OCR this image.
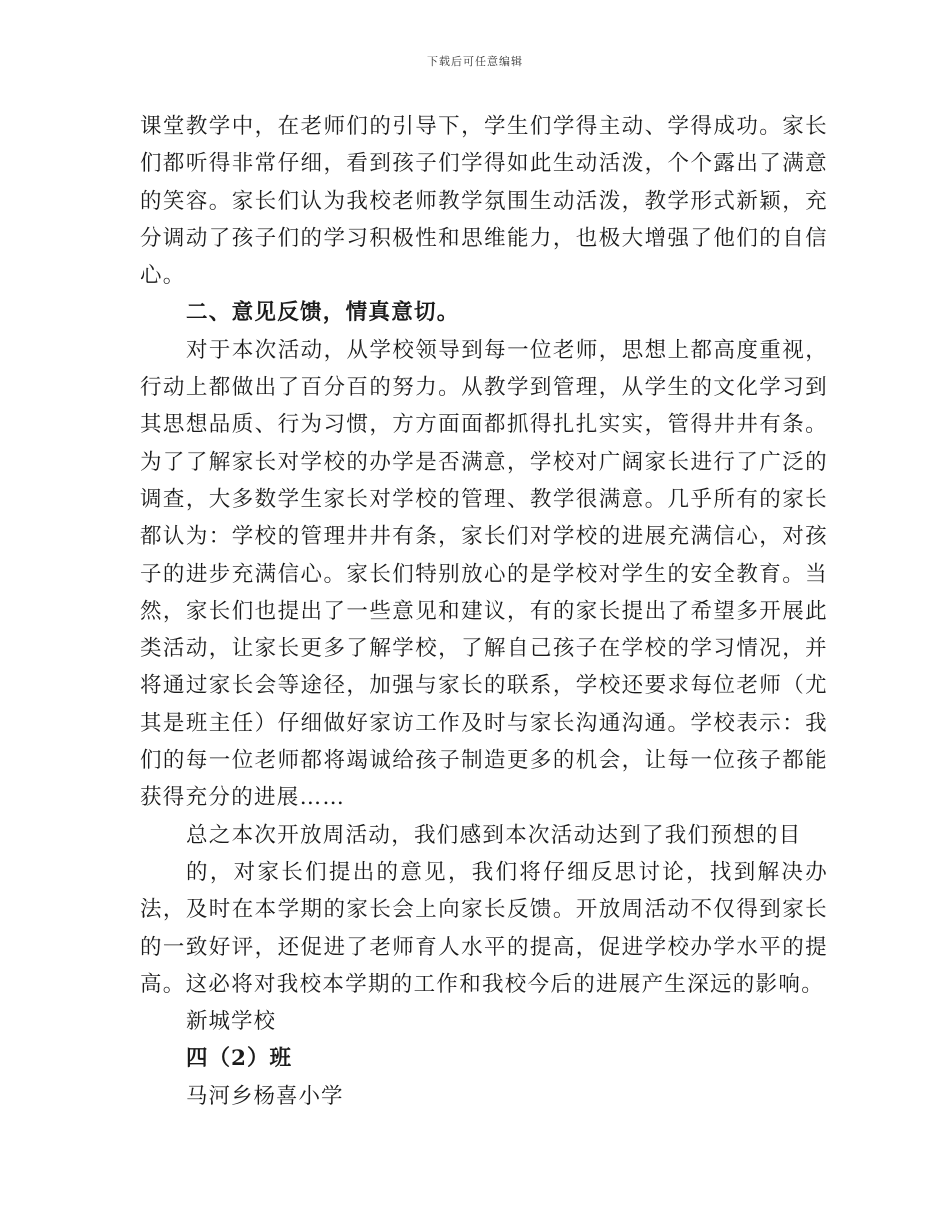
下载后可任意编辑

课堂教学中，在老师们的引导下，学生们学得主动、学得成功。家长们都听得非常仔细，看到孩子们学得如此生动活泼，个个露出了满意的笑容。家长们认为我校老师教学氛围生动活泼，教学形式新颖，充分调动了孩子们的学习积极性和思维能力，也极大增强了他们的自信心。

二、意见反馈，情真意切。

对于本次活动，从学校领导到每一位老师，思想上都高度重视，行动上都做出了百分百的努力。从教学到管理，从学生的文化学习到其思想品质、行为习惯，方方面面都抓得扎扎实实，管得井井有条。为了了解家长对学校的办学是否满意，学校对广阔家长进行了广泛的调查，大多数学生家长对学校的管理、教学很满意。几乎所有的家长都认为：学校的管理井井有条，家长们对学校的进展充满信心，对孩子的进步充满信心。家长们特别放心的是学校对学生的安全教育。当然，家长们也提出了一些意见和建议，有的家长提出了希望多开展此类活动，让家长更多了解学校，了解自己孩子在学校的学习情况，并将通过家长会等途径，加强与家长的联系，学校还要求每位老师（尤其是班主任）仔细做好家访工作及时与家长沟通沟通。学校表示：我们的每一位老师都将竭诚给孩子制造更多的机会，让每一位孩子都能获得充分的进展……

总之本次开放周活动，我们感到本次活动达到了我们预想的目

的，对家长们提出的意见，我们将仔细反思讨论，找到解决办法，及时在本学期的家长会上向家长反馈。开放周活动不仅得到家长的一致好评，还促进了老师育人水平的提高，促进学校办学水平的提高。这必将对我校本学期的工作和我校今后的进展产生深远的影响。

新城学校

四（2）班

马河乡杨喜小学
